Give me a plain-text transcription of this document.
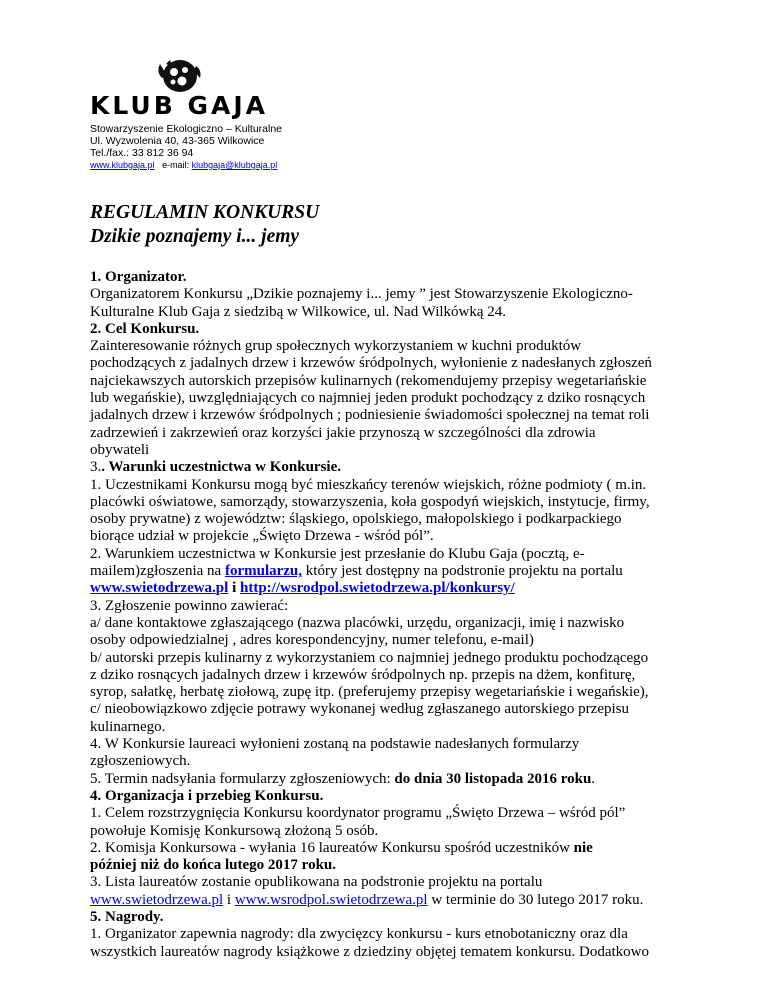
KLUB GAJA
Stowarzyszenie Ekologiczno – Kulturalne
Ul. Wyzwolenia 40, 43-365 Wilkowice
Tel./fax.: 33 812 36 94
www.klubgaja.pl e-mail: klubgaja@klubgaja.pl
REGULAMIN KONKURSU
Dzikie poznajemy i... jemy
1. Organizator.
Organizatorem Konkursu „Dzikie poznajemy i... jemy ” jest Stowarzyszenie Ekologiczno-
Kulturalne Klub Gaja z siedzibą w Wilkowice, ul. Nad Wilkówką 24.
2. Cel Konkursu.
Zainteresowanie różnych grup społecznych wykorzystaniem w kuchni produktów
pochodzących z jadalnych drzew i krzewów śródpolnych, wyłonienie z nadesłanych zgłoszeń
najciekawszych autorskich przepisów kulinarnych (rekomendujemy przepisy wegetariańskie
lub wegańskie), uwzględniających co najmniej jeden produkt pochodzący z dziko rosnących
jadalnych drzew i krzewów śródpolnych ; podniesienie świadomości społecznej na temat roli
zadrzewień i zakrzewień oraz korzyści jakie przynoszą w szczególności dla zdrowia
obywateli
3.. Warunki uczestnictwa w Konkursie.
1. Uczestnikami Konkursu mogą być mieszkańcy terenów wiejskich, różne podmioty ( m.in.
placówki oświatowe, samorządy, stowarzyszenia, koła gospodyń wiejskich, instytucje, firmy,
osoby prywatne) z województw: śląskiego, opolskiego, małopolskiego i podkarpackiego
biorące udział w projekcie „Święto Drzewa - wśród pól”.
2. Warunkiem uczestnictwa w Konkursie jest przesłanie do Klubu Gaja (pocztą, e-
mailem)zgłoszenia na formularzu, który jest dostępny na podstronie projektu na portalu
www.swietodrzewa.pl i http://wsrodpol.swietodrzewa.pl/konkursy/
3. Zgłoszenie powinno zawierać:
a/ dane kontaktowe zgłaszającego (nazwa placówki, urzędu, organizacji, imię i nazwisko
osoby odpowiedzialnej , adres korespondencyjny, numer telefonu, e-mail)
b/ autorski przepis kulinarny z wykorzystaniem co najmniej jednego produktu pochodzącego
z dziko rosnących jadalnych drzew i krzewów śródpolnych np. przepis na dżem, konfiturę,
syrop, sałatkę, herbatę ziołową, zupę itp. (preferujemy przepisy wegetariańskie i wegańskie),
c/ nieobowiązkowo zdjęcie potrawy wykonanej według zgłaszanego autorskiego przepisu
kulinarnego.
4. W Konkursie laureaci wyłonieni zostaną na podstawie nadesłanych formularzy
zgłoszeniowych.
5. Termin nadsyłania formularzy zgłoszeniowych: do dnia 30 listopada 2016 roku.
4. Organizacja i przebieg Konkursu.
1. Celem rozstrzygnięcia Konkursu koordynator programu „Święto Drzewa – wśród pól”
powołuje Komisję Konkursową złożoną 5 osób.
2. Komisja Konkursowa - wyłania 16 laureatów Konkursu spośród uczestników nie
później niż do końca lutego 2017 roku.
3. Lista laureatów zostanie opublikowana na podstronie projektu na portalu
www.swietodrzewa.pl i www.wsrodpol.swietodrzewa.pl w terminie do 30 lutego 2017 roku.
5. Nagrody.
1. Organizator zapewnia nagrody: dla zwycięzcy konkursu - kurs etnobotaniczny oraz dla
wszystkich laureatów nagrody książkowe z dziedziny objętej tematem konkursu. Dodatkowo
